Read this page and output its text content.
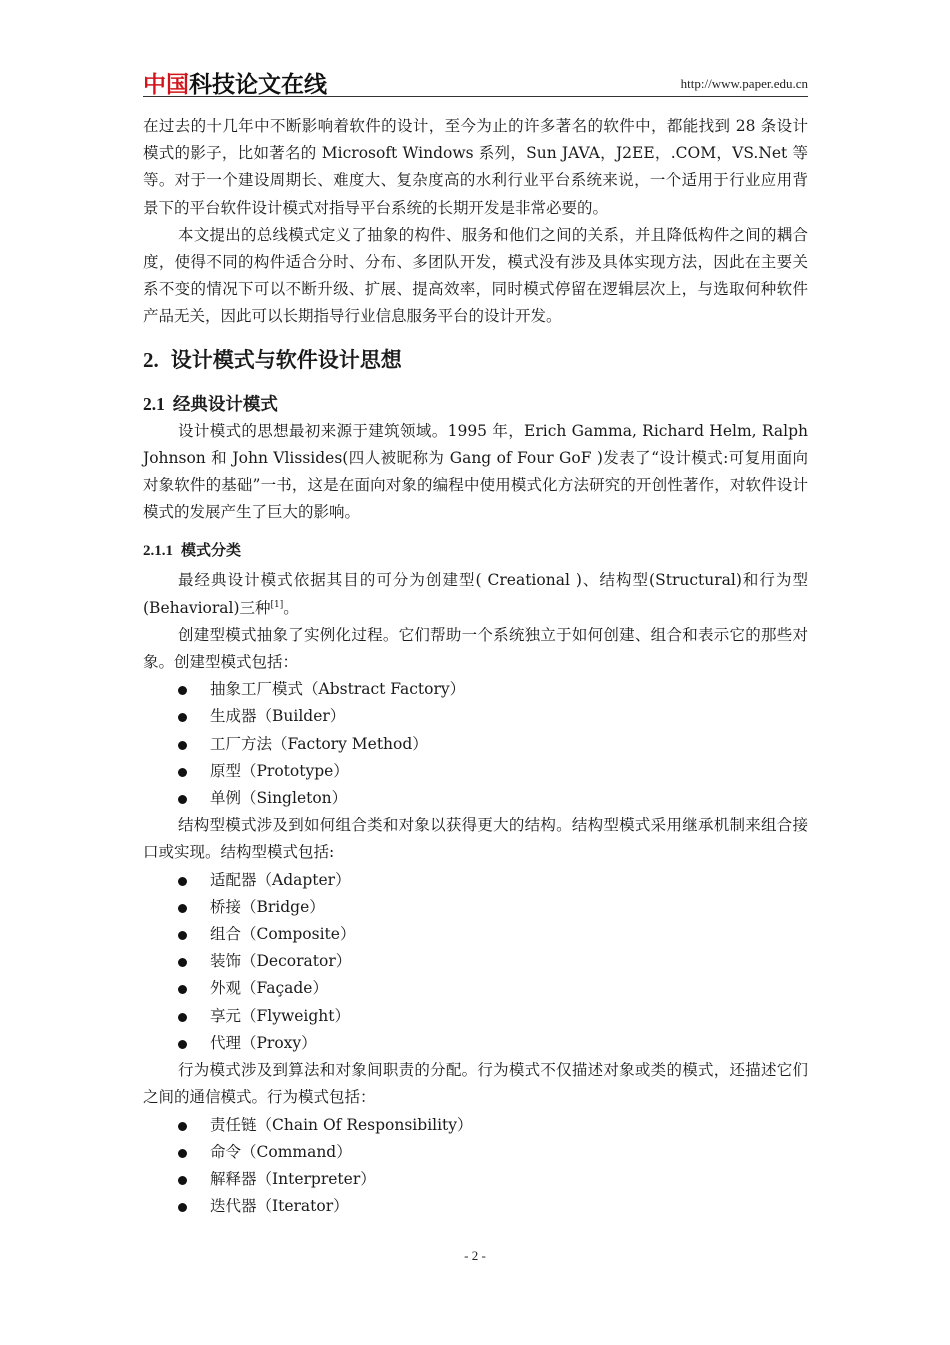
中国科技论文在线	http://www.paper.edu.cn

在过去的十几年中不断影响着软件的设计，至今为止的许多著名的软件中，都能找到 28 条设计模式的影子，比如著名的 Microsoft Windows 系列，Sun JAVA，J2EE，.COM，VS.Net 等等。对于一个建设周期长、难度大、复杂度高的水利行业平台系统来说，一个适用于行业应用背景下的平台软件设计模式对指导平台系统的长期开发是非常必要的。

本文提出的总线模式定义了抽象的构件、服务和他们之间的关系，并且降低构件之间的耦合度，使得不同的构件适合分时、分布、多团队开发，模式没有涉及具体实现方法，因此在主要关系不变的情况下可以不断升级、扩展、提高效率，同时模式停留在逻辑层次上，与选取何种软件产品无关，因此可以长期指导行业信息服务平台的设计开发。

2. 设计模式与软件设计思想
2.1 经典设计模式

设计模式的思想最初来源于建筑领域。1995 年，Erich Gamma, Richard Helm, Ralph Johnson 和 John Vlissides(四人被昵称为 Gang of Four GoF )发表了“设计模式:可复用面向对象软件的基础”一书，这是在面向对象的编程中使用模式化方法研究的开创性著作，对软件设计模式的发展产生了巨大的影响。

2.1.1 模式分类

最经典设计模式依据其目的可分为创建型( Creational )、结构型(Structural)和行为型(Behavioral)三种[1]。

创建型模式抽象了实例化过程。它们帮助一个系统独立于如何创建、组合和表示它的那些对象。创建型模式包括：

抽象工厂模式（Abstract Factory）
生成器（Builder）
工厂方法（Factory Method）
原型（Prototype）
单例（Singleton）

结构型模式涉及到如何组合类和对象以获得更大的结构。结构型模式采用继承机制来组合接口或实现。结构型模式包括:

适配器（Adapter）
桥接（Bridge）
组合（Composite）
装饰（Decorator）
外观（Façade）
享元（Flyweight）
代理（Proxy）

行为模式涉及到算法和对象间职责的分配。行为模式不仅描述对象或类的模式，还描述它们之间的通信模式。行为模式包括：

责任链（Chain Of Responsibility）
命令（Command）
解释器（Interpreter）
迭代器（Iterator）
- 2 -
